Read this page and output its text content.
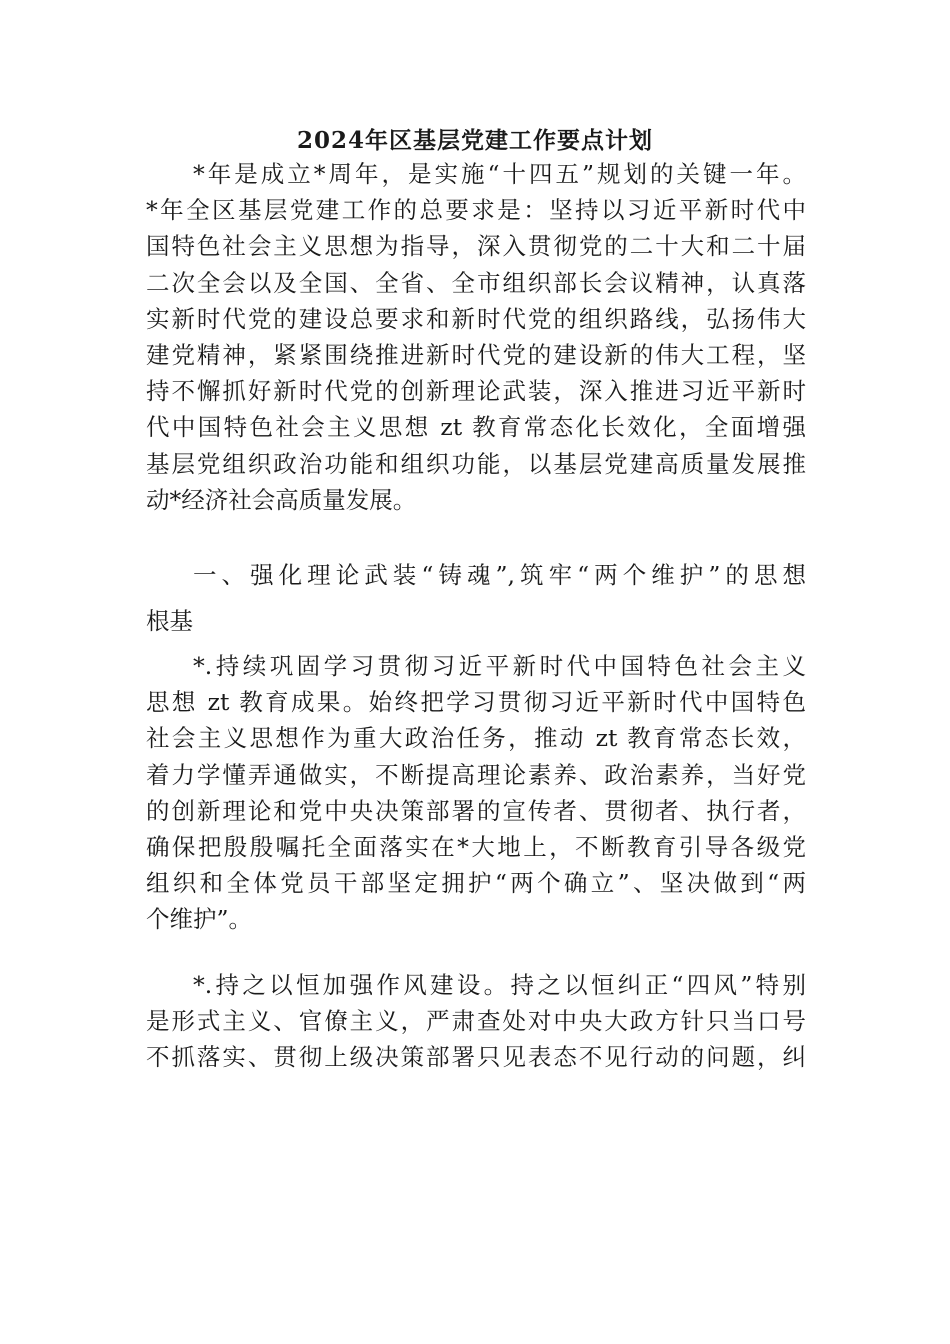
2024年区基层党建工作要点计划
*年是成立*周年，是实施“十四五”规划的关键一年。
*年全区基层党建工作的总要求是：坚持以习近平新时代中
国特色社会主义思想为指导，深入贯彻党的二十大和二十届
二次全会以及全国、全省、全市组织部长会议精神，认真落
实新时代党的建设总要求和新时代党的组织路线，弘扬伟大
建党精神，紧紧围绕推进新时代党的建设新的伟大工程，坚
持不懈抓好新时代党的创新理论武装，深入推进习近平新时
代中国特色社会主义思想 zt 教育常态化长效化，全面增强
基层党组织政治功能和组织功能，以基层党建高质量发展推
动*经济社会高质量发展。
一、强化理论武装“铸魂”,筑牢“两个维护”的思想
根基
*.持续巩固学习贯彻习近平新时代中国特色社会主义
思想 zt 教育成果。始终把学习贯彻习近平新时代中国特色
社会主义思想作为重大政治任务，推动 zt 教育常态长效，
着力学懂弄通做实，不断提高理论素养、政治素养，当好党
的创新理论和党中央决策部署的宣传者、贯彻者、执行者，
确保把殷殷嘱托全面落实在*大地上，不断教育引导各级党
组织和全体党员干部坚定拥护“两个确立”、坚决做到“两
个维护”。
*.持之以恒加强作风建设。持之以恒纠正“四风”特别
是形式主义、官僚主义，严肃查处对中央大政方针只当口号
不抓落实、贯彻上级决策部署只见表态不见行动的问题，纠
